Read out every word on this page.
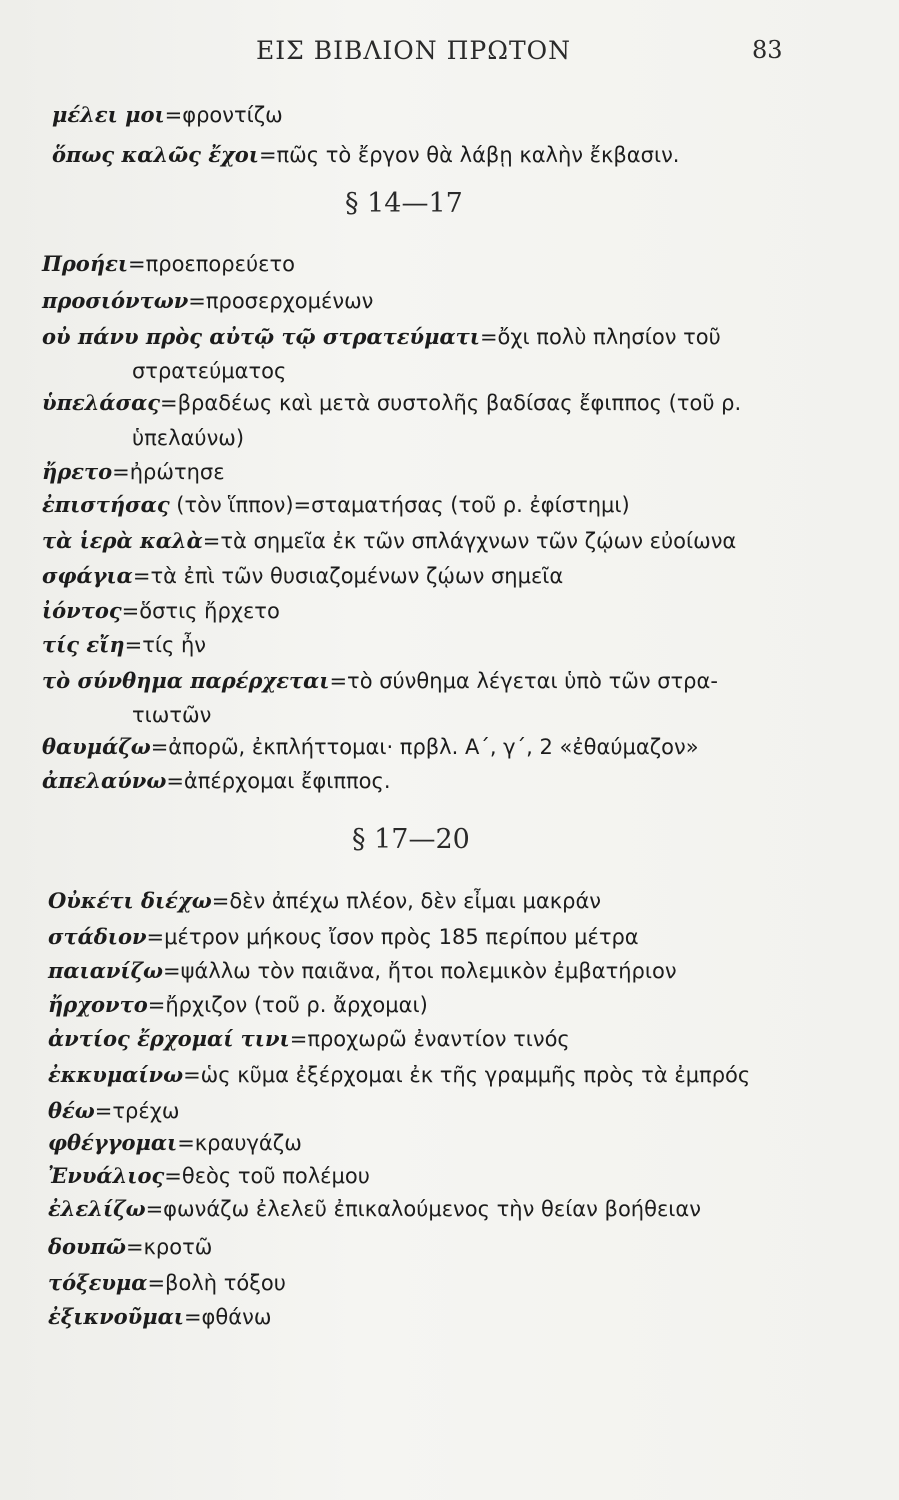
ΕΙΣ ΒΙΒΛΙΟΝ ΠΡΩΤΟΝ	83
μέλει μοι=φροντίζω
ὅπως καλῶς ἔχοι=πῶς τὸ ἔργον θὰ λάβῃ καλὴν ἔκβασιν.
§ 14—17
Προήει=προεπορεύετο
προσιόντων=προσερχομένων
οὐ πάνυ πρὸς αὐτῷ τῷ στρατεύματι=ὄχι πολὺ πλησίον τοῦ
στρατεύματος
ὑπελάσας=βραδέως καὶ μετὰ συστολῆς βαδίσας ἔφιππος (τοῦ ρ.
ὑπελαύνω)
ἤρετο=ἠρώτησε
ἐπιστήσας (τὸν ἵππον)=σταματήσας (τοῦ ρ. ἐφίστημι)
τὰ ἱερὰ καλὰ=τὰ σημεῖα ἐκ τῶν σπλάγχνων τῶν ζῴων εὐοίωνα
σφάγια=τὰ ἐπὶ τῶν θυσιαζομένων ζῴων σημεῖα
ἰόντος=ὅστις ἤρχετο
τίς εἴη=τίς ἦν
τὸ σύνθημα παρέρχεται=τὸ σύνθημα λέγεται ὑπὸ τῶν στρα-
τιωτῶν
θαυμάζω=ἀπορῶ, ἐκπλήττομαι· πρβλ. Α΄, γ΄, 2 «ἐθαύμαζον»
ἀπελαύνω=ἀπέρχομαι ἔφιππος.
§ 17—20
Οὐκέτι διέχω=δὲν ἀπέχω πλέον, δὲν εἶμαι μακράν
στάδιον=μέτρον μήκους ἴσον πρὸς 185 περίπου μέτρα
παιανίζω=ψάλλω τὸν παιᾶνα, ἤτοι πολεμικὸν ἐμβατήριον
ἤρχοντο=ἤρχιζον (τοῦ ρ. ἄρχομαι)
ἀντίος ἔρχομαί τινι=προχωρῶ ἐναντίον τινός
ἐκκυμαίνω=ὡς κῦμα ἐξέρχομαι ἐκ τῆς γραμμῆς πρὸς τὰ ἐμπρός
θέω=τρέχω
φθέγγομαι=κραυγάζω
Ἐνυάλιος=θεὸς τοῦ πολέμου
ἐλελίζω=φωνάζω ἐλελεῦ ἐπικαλούμενος τὴν θείαν βοήθειαν
δουπῶ=κροτῶ
τόξευμα=βολὴ τόξου
ἐξικνοῦμαι=φθάνω
